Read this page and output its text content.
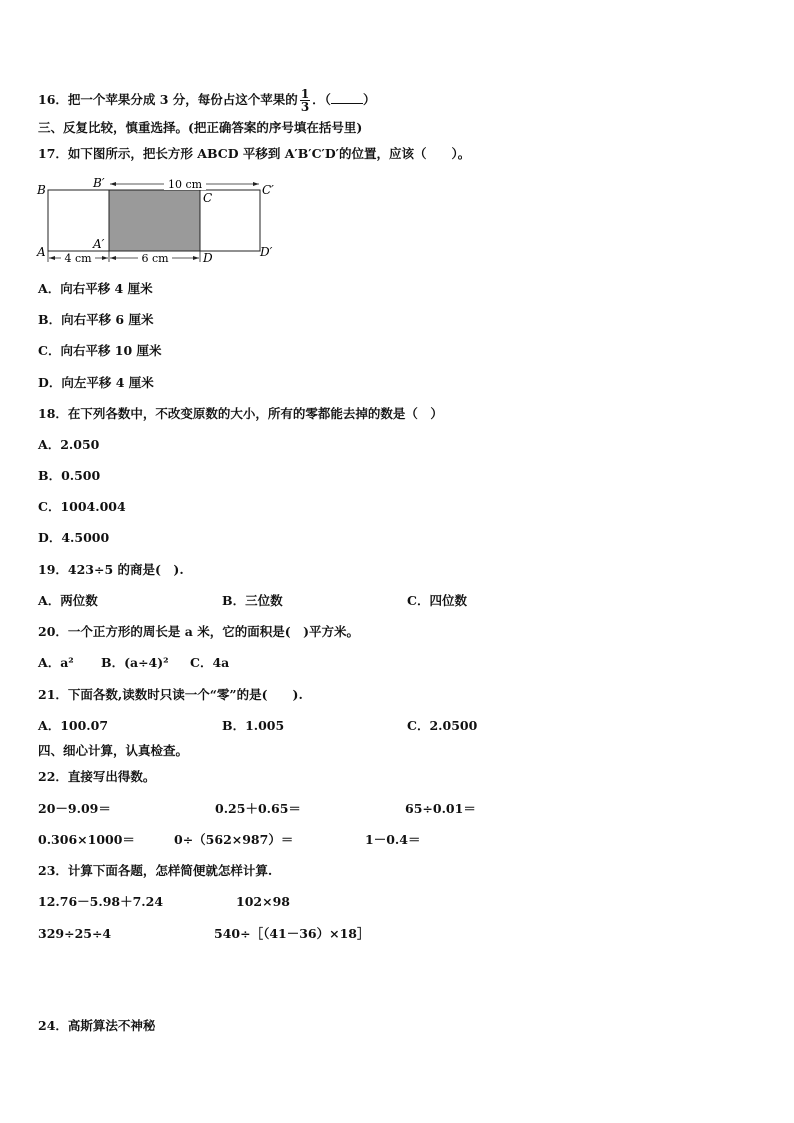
16．把一个苹果分成 3 分，每份占这个苹果的 $\frac{1}{3}$ ．（	）
三、反复比较，慎重选择。(把正确答案的序号填在括号里)
17．如下图所示，把长方形 ABCD 平移到 A′B′C′D′的位置，应该（　　）。
10 cm
4 cm	6 cm
B	B′
C
C′
A
A′
D	D′
A．向右平移 4 厘米
B．向右平移 6 厘米
C．向右平移 10 厘米
D．向左平移 4 厘米
18．在下列各数中，不改变原数的大小，所有的零都能去掉的数是（　）
A．2.050
B．0.500
C．1004.004
D．4.5000
19．423÷5 的商是(　).
A．两位数	B．三位数	C．四位数
20．一个正方形的周长是 a 米，它的面积是(　)平方米。
A．a² B．(a÷4)² C．4a
21．下面各数,读数时只读一个“零”的是(　　).
A．100.07	B．1.005	C．2.0500
四、细心计算，认真检查。
22．直接写出得数。
20－9.09＝	0.25＋0.65＝	65÷0.01＝
0.306×1000＝	0÷（562×987）＝	1－0.4＝
23．计算下面各题，怎样简便就怎样计算.
12.76－5.98＋7.24	102×98
329÷25÷4	540÷［（41－36）×18］
24．高斯算法不神秘
